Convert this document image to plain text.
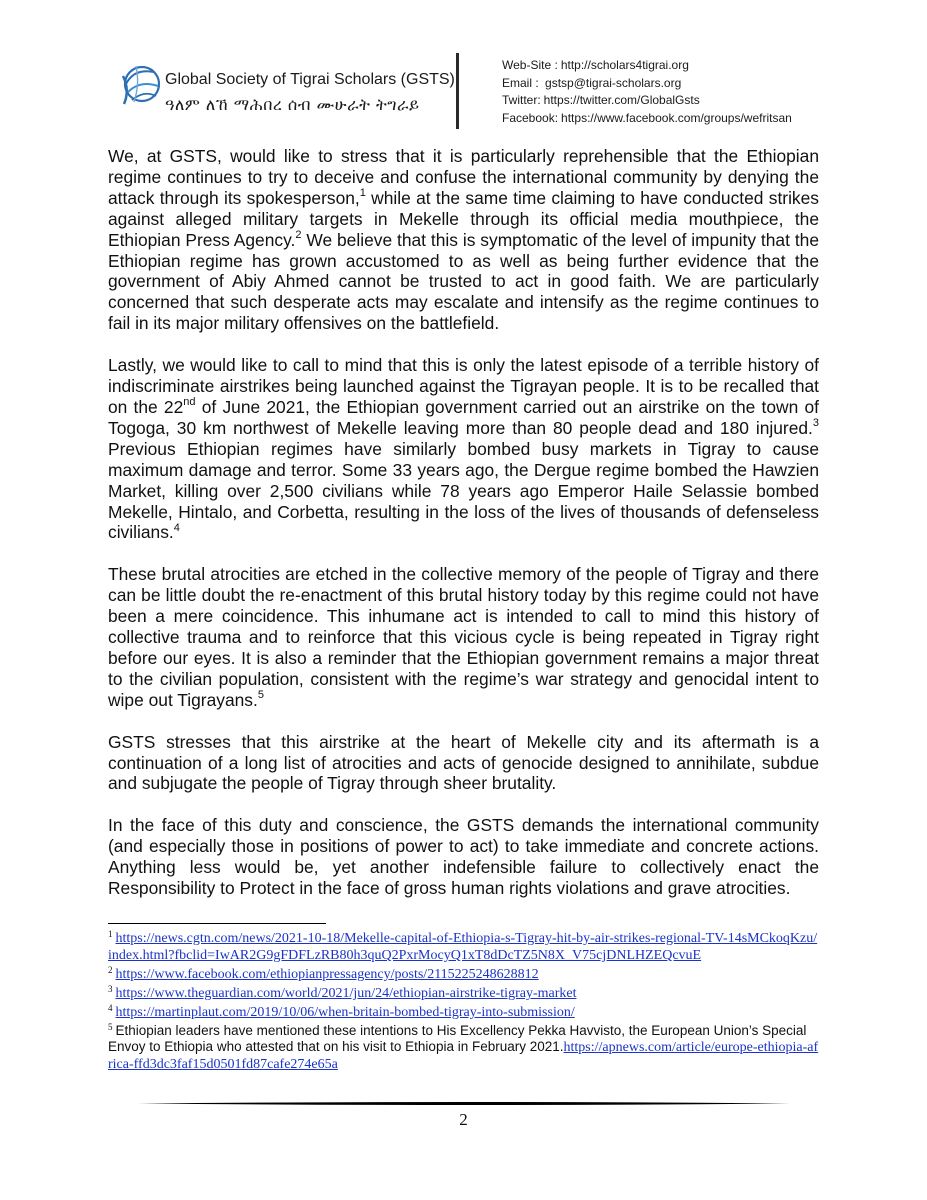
Global Society of Tigrai Scholars (GSTS)
ዓለም ለኸ ማሕበረ ሰብ ሙሁራት ትግራይ
Web-Site : http://scholars4tigrai.org
Email : gstsp@tigrai-scholars.org
Twitter: https://twitter.com/GlobalGsts
Facebook: https://www.facebook.com/groups/wefritsan

We, at GSTS, would like to stress that it is particularly reprehensible that the Ethiopian regime continues to try to deceive and confuse the international community by denying the attack through its spokesperson,$^1$ while at the same time claiming to have conducted strikes against alleged military targets in Mekelle through its official media mouthpiece, the Ethiopian Press Agency.$^2$ We believe that this is symptomatic of the level of impunity that the Ethiopian regime has grown accustomed to as well as being further evidence that the government of Abiy Ahmed cannot be trusted to act in good faith. We are particularly concerned that such desperate acts may escalate and intensify as the regime continues to fail in its major military offensives on the battlefield.

Lastly, we would like to call to mind that this is only the latest episode of a terrible history of indiscriminate airstrikes being launched against the Tigrayan people. It is to be recalled that on the 22nd of June 2021, the Ethiopian government carried out an airstrike on the town of Togoga, 30 km northwest of Mekelle leaving more than 80 people dead and 180 injured.$^3$ Previous Ethiopian regimes have similarly bombed busy markets in Tigray to cause maximum damage and terror. Some 33 years ago, the Dergue regime bombed the Hawzien Market, killing over 2,500 civilians while 78 years ago Emperor Haile Selassie bombed Mekelle, Hintalo, and Corbetta, resulting in the loss of the lives of thousands of defenseless civilians.$^4$

These brutal atrocities are etched in the collective memory of the people of Tigray and there can be little doubt the re-enactment of this brutal history today by this regime could not have been a mere coincidence. This inhumane act is intended to call to mind this history of collective trauma and to reinforce that this vicious cycle is being repeated in Tigray right before our eyes. It is also a reminder that the Ethiopian government remains a major threat to the civilian population, consistent with the regime’s war strategy and genocidal intent to wipe out Tigrayans.$^5$

GSTS stresses that this airstrike at the heart of Mekelle city and its aftermath is a continuation of a long list of atrocities and acts of genocide designed to annihilate, subdue and subjugate the people of Tigray through sheer brutality.

In the face of this duty and conscience, the GSTS demands the international community (and especially those in positions of power to act) to take immediate and concrete actions. Anything less would be, yet another indefensible failure to collectively enact the Responsibility to Protect in the face of gross human rights violations and grave atrocities.

$^1$ https://news.cgtn.com/news/2021-10-18/Mekelle-capital-of-Ethiopia-s-Tigray-hit-by-air-strikes-regional-TV-14sMCkoqKzu/index.html?fbclid=IwAR2G9gFDFLzRB80h3quQ2PxrMocyQ1xT8dDcTZ5N8X_V75cjDNLHZEQcvuE
$^2$ https://www.facebook.com/ethiopianpressagency/posts/2115225248628812
$^3$ https://www.theguardian.com/world/2021/jun/24/ethiopian-airstrike-tigray-market
$^4$ https://martinplaut.com/2019/10/06/when-britain-bombed-tigray-into-submission/
$^5$ Ethiopian leaders have mentioned these intentions to His Excellency Pekka Havvisto, the European Union’s Special Envoy to Ethiopia who attested that on his visit to Ethiopia in February 2021.https://apnews.com/article/europe-ethiopia-africa-ffd3dc3faf15d0501fd87cafe274e65a
2
